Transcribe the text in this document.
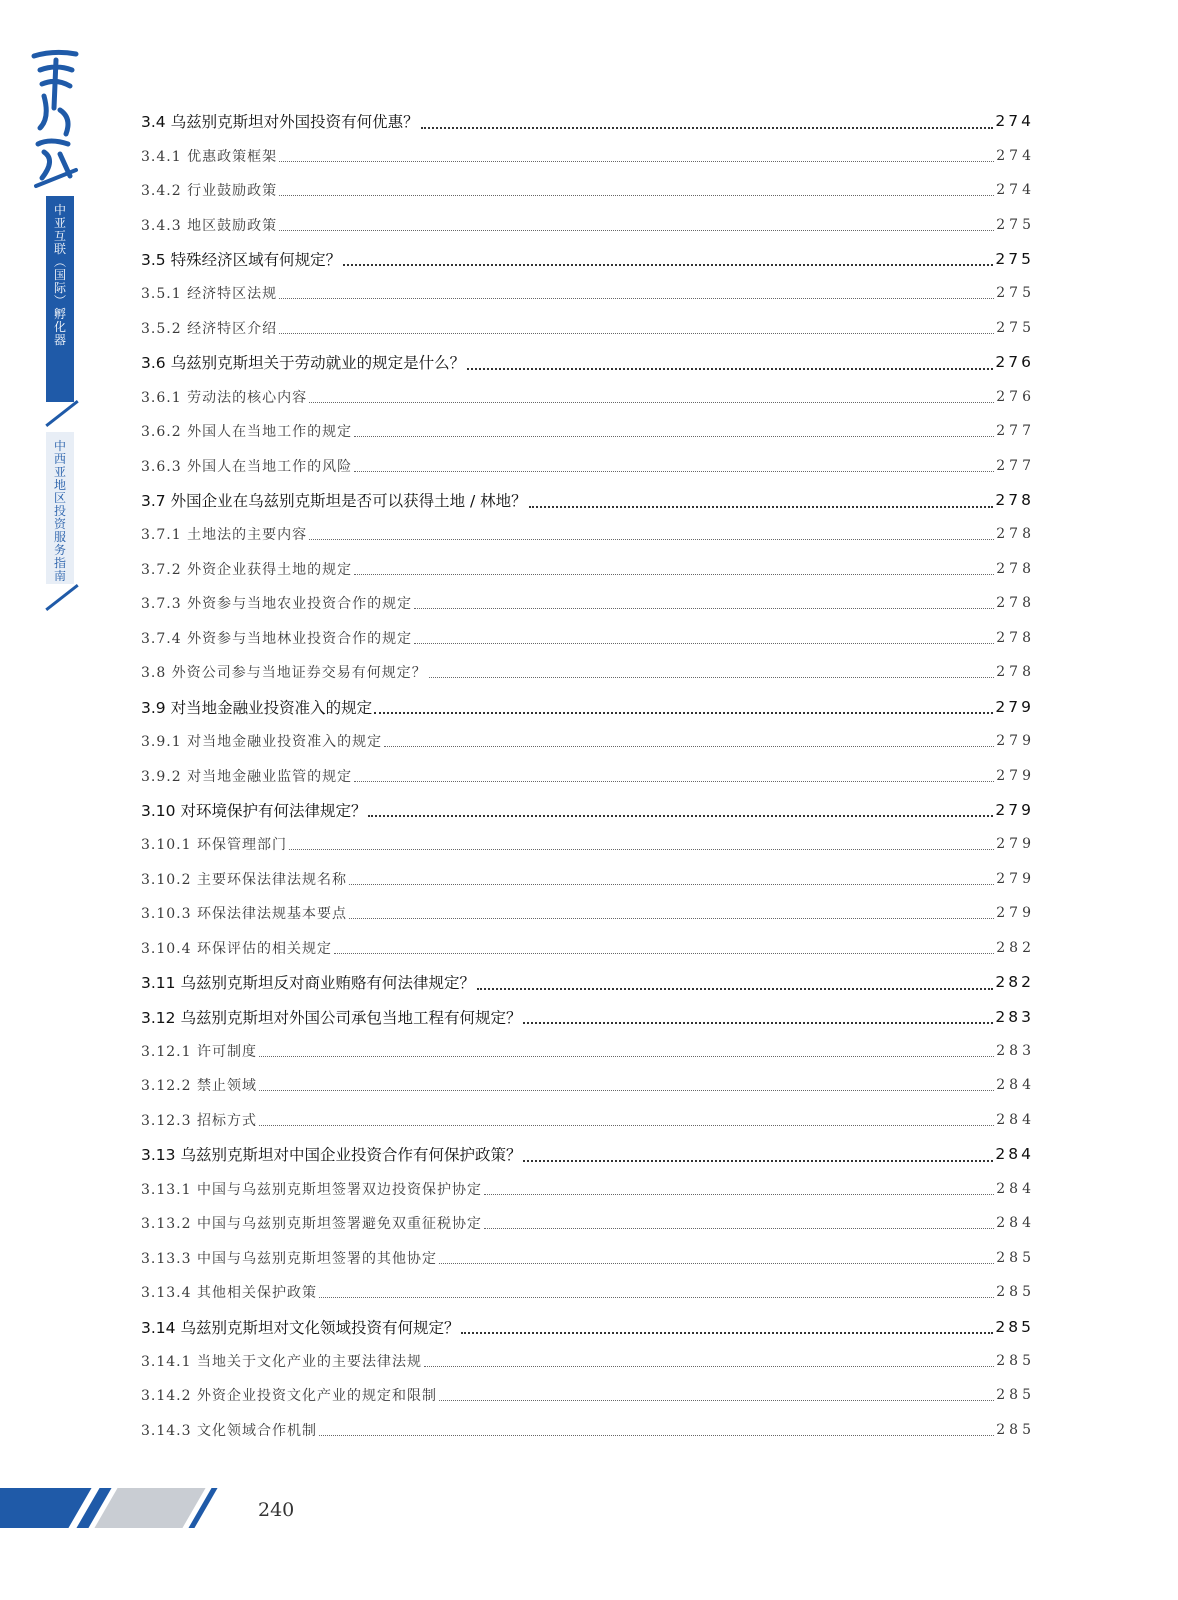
中
亚
互
联
︵
国
际
︶
孵
化
器
中
西
亚
地
区
投
资
服
务
指
南
3.4 乌兹别克斯坦对外国投资有何优惠？	274
3.4.1 优惠政策框架	274
3.4.2 行业鼓励政策	274
3.4.3 地区鼓励政策	275
3.5 特殊经济区域有何规定？	275
3.5.1 经济特区法规	275
3.5.2 经济特区介绍	275
3.6 乌兹别克斯坦关于劳动就业的规定是什么？	276
3.6.1 劳动法的核心内容	276
3.6.2 外国人在当地工作的规定	277
3.6.3 外国人在当地工作的风险	277
3.7 外国企业在乌兹别克斯坦是否可以获得土地 / 林地？	278
3.7.1 土地法的主要内容	278
3.7.2 外资企业获得土地的规定	278
3.7.3 外资参与当地农业投资合作的规定	278
3.7.4 外资参与当地林业投资合作的规定	278
3.8 外资公司参与当地证券交易有何规定？	278
3.9 对当地金融业投资准入的规定	279
3.9.1 对当地金融业投资准入的规定	279
3.9.2 对当地金融业监管的规定	279
3.10 对环境保护有何法律规定？	279
3.10.1 环保管理部门	279
3.10.2 主要环保法律法规名称	279
3.10.3 环保法律法规基本要点	279
3.10.4 环保评估的相关规定	282
3.11 乌兹别克斯坦反对商业贿赂有何法律规定？	282
3.12 乌兹别克斯坦对外国公司承包当地工程有何规定？	283
3.12.1 许可制度	283
3.12.2 禁止领域	284
3.12.3 招标方式	284
3.13 乌兹别克斯坦对中国企业投资合作有何保护政策？	284
3.13.1 中国与乌兹别克斯坦签署双边投资保护协定	284
3.13.2 中国与乌兹别克斯坦签署避免双重征税协定	284
3.13.3 中国与乌兹别克斯坦签署的其他协定	285
3.13.4 其他相关保护政策	285
3.14 乌兹别克斯坦对文化领域投资有何规定？	285
3.14.1 当地关于文化产业的主要法律法规	285
3.14.2 外资企业投资文化产业的规定和限制	285
3.14.3 文化领域合作机制	285
240
